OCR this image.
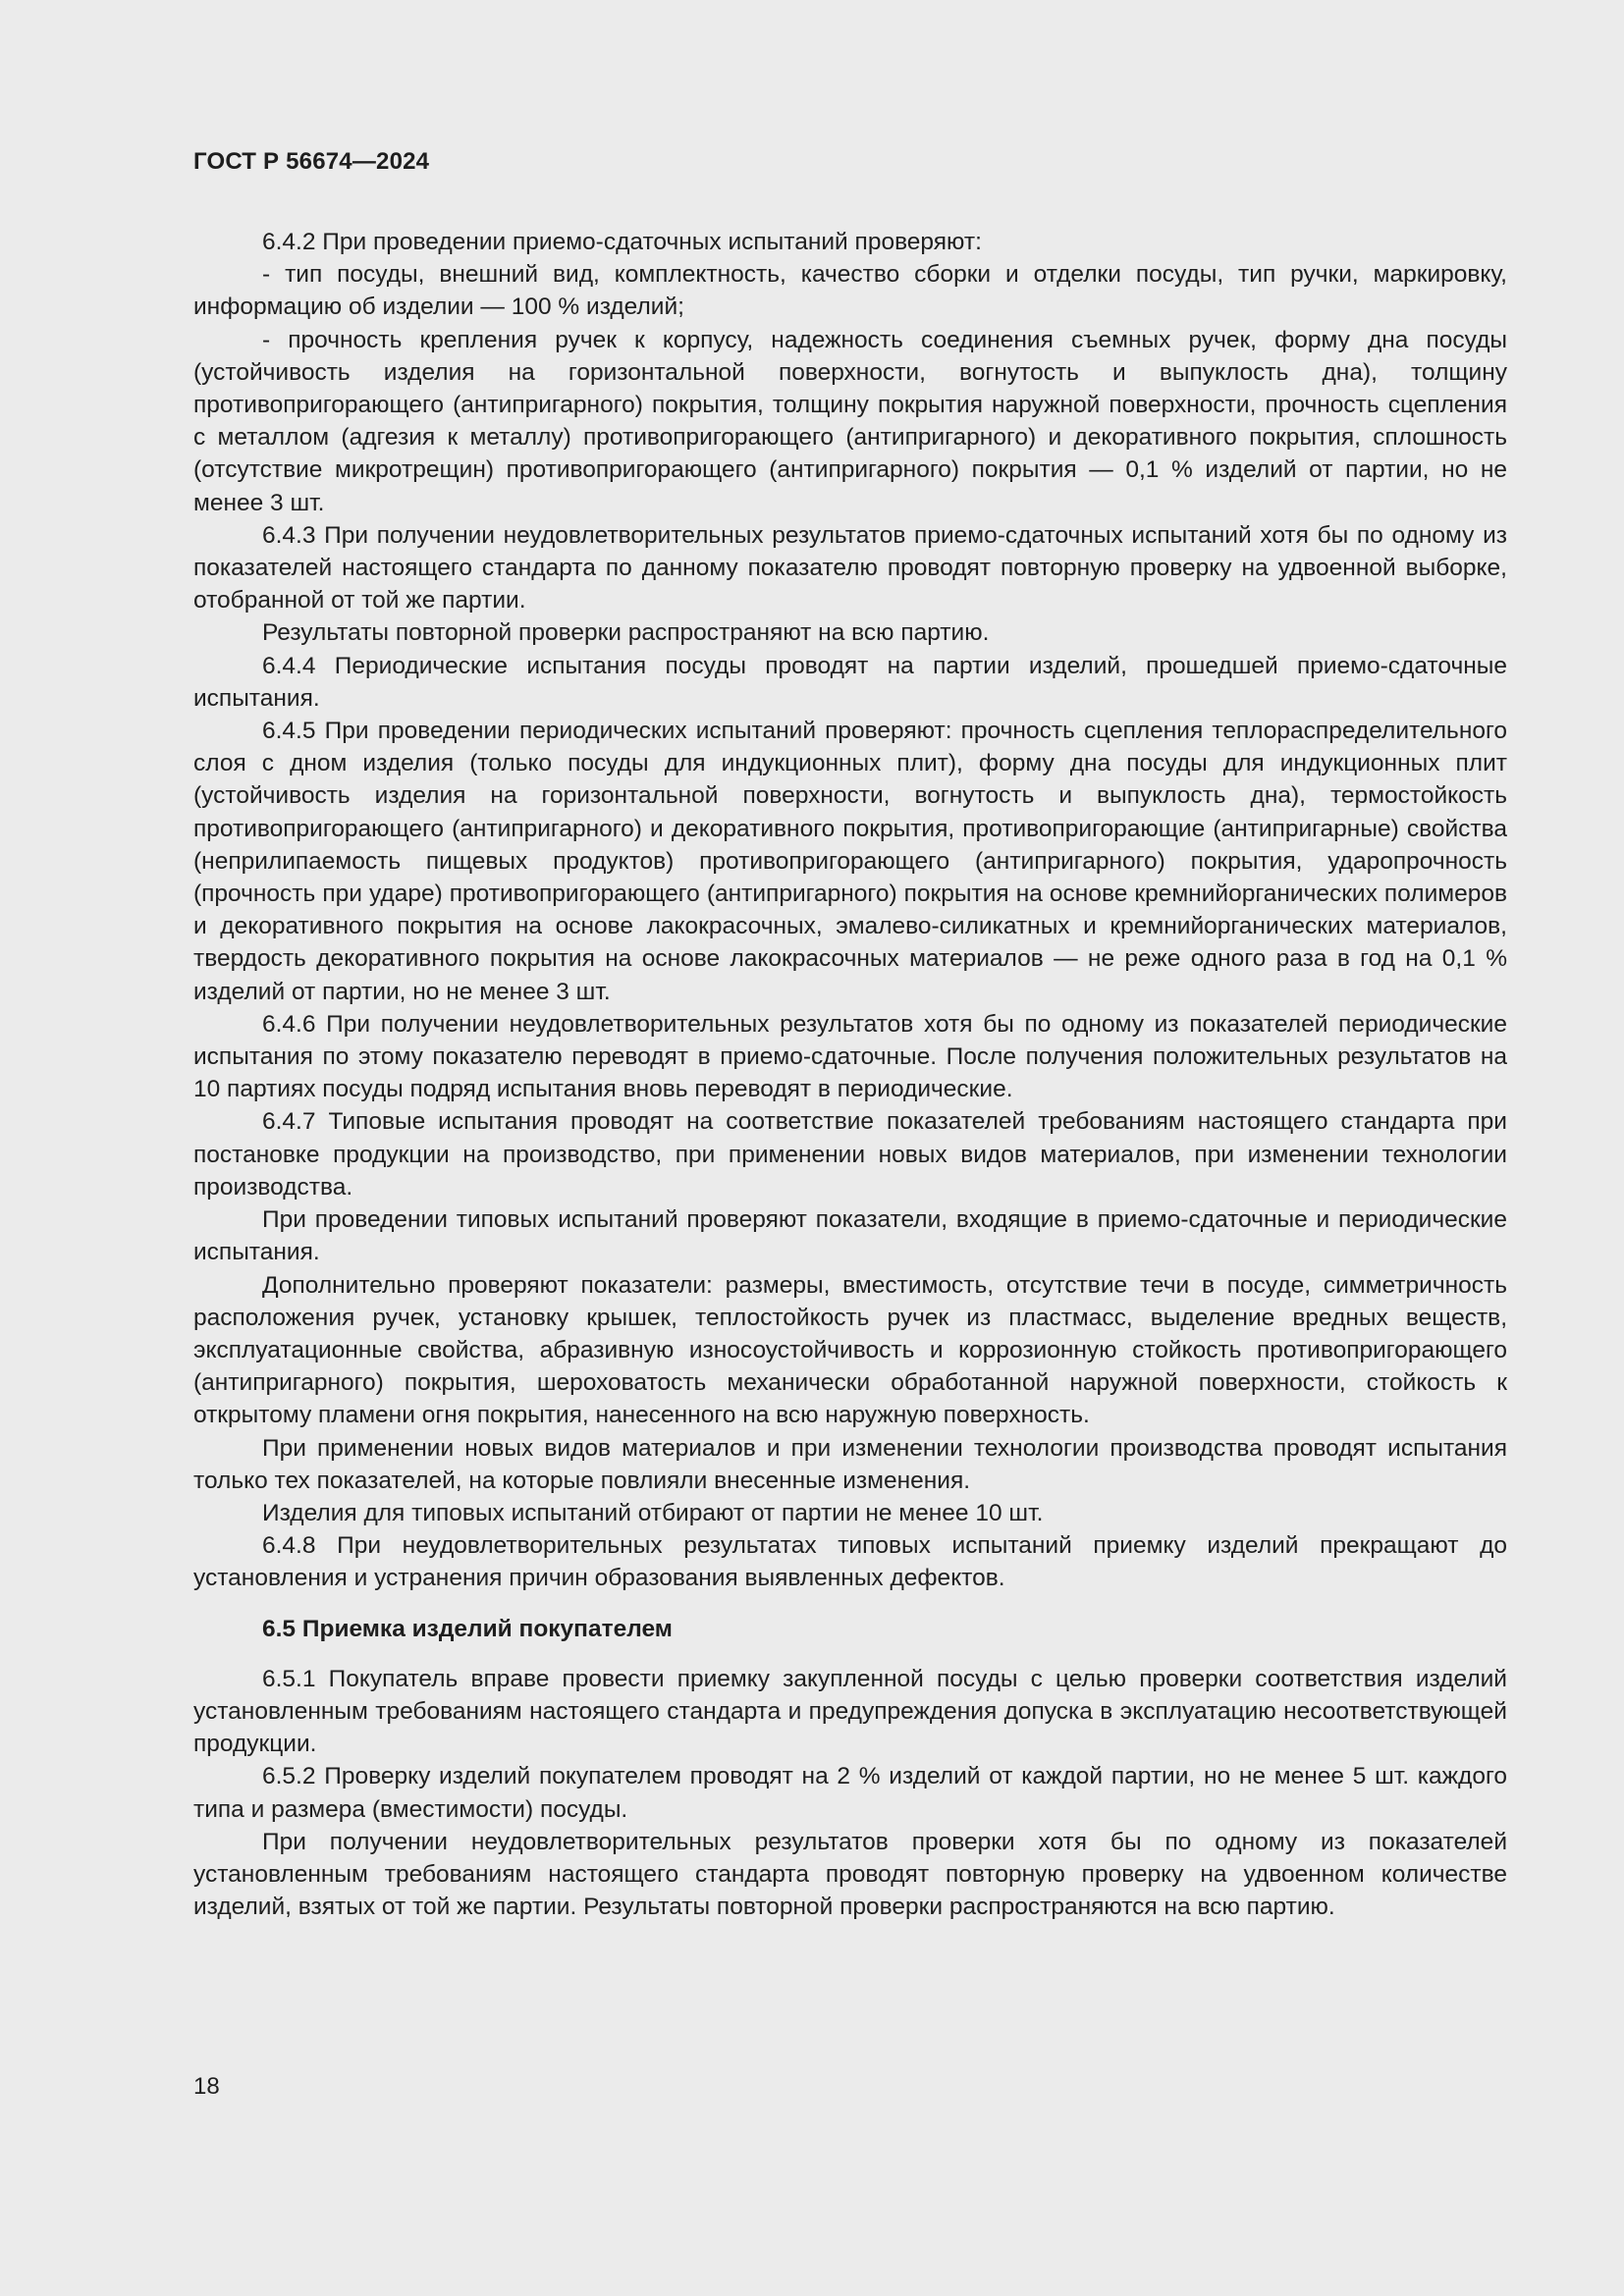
ГОСТ Р 56674—2024

6.4.2 При проведении приемо-сдаточных испытаний проверяют:

- тип посуды, внешний вид, комплектность, качество сборки и отделки посуды, тип ручки, маркировку, информацию об изделии — 100 % изделий;

- прочность крепления ручек к корпусу, надежность соединения съемных ручек, форму дна посуды (устойчивость изделия на горизонтальной поверхности, вогнутость и выпуклость дна), толщину противопригорающего (антипригарного) покрытия, толщину покрытия наружной поверхности, прочность сцепления с металлом (адгезия к металлу) противопригорающего (антипригарного) и декоративного покрытия, сплошность (отсутствие микротрещин) противопригорающего (антипригарного) покрытия — 0,1 % изделий от партии, но не менее 3 шт.

6.4.3 При получении неудовлетворительных результатов приемо-сдаточных испытаний хотя бы по одному из показателей настоящего стандарта по данному показателю проводят повторную проверку на удвоенной выборке, отобранной от той же партии.

Результаты повторной проверки распространяют на всю партию.

6.4.4 Периодические испытания посуды проводят на партии изделий, прошедшей приемо-сдаточные испытания.

6.4.5 При проведении периодических испытаний проверяют: прочность сцепления теплораспределительного слоя с дном изделия (только посуды для индукционных плит), форму дна посуды для индукционных плит (устойчивость изделия на горизонтальной поверхности, вогнутость и выпуклость дна), термостойкость противопригорающего (антипригарного) и декоративного покрытия, противопригорающие (антипригарные) свойства (неприлипаемость пищевых продуктов) противопригорающего (антипригарного) покрытия, ударопрочность (прочность при ударе) противопригорающего (антипригарного) покрытия на основе кремнийорганических полимеров и декоративного покрытия на основе лакокрасочных, эмалево-силикатных и кремнийорганических материалов, твердость декоративного покрытия на основе лакокрасочных материалов — не реже одного раза в год на 0,1 % изделий от партии, но не менее 3 шт.

6.4.6 При получении неудовлетворительных результатов хотя бы по одному из показателей периодические испытания по этому показателю переводят в приемо-сдаточные. После получения положительных результатов на 10 партиях посуды подряд испытания вновь переводят в периодические.

6.4.7 Типовые испытания проводят на соответствие показателей требованиям настоящего стандарта при постановке продукции на производство, при применении новых видов материалов, при изменении технологии производства.

При проведении типовых испытаний проверяют показатели, входящие в приемо-сдаточные и периодические испытания.

Дополнительно проверяют показатели: размеры, вместимость, отсутствие течи в посуде, симметричность расположения ручек, установку крышек, теплостойкость ручек из пластмасс, выделение вредных веществ, эксплуатационные свойства, абразивную износоустойчивость и коррозионную стойкость противопригорающего (антипригарного) покрытия, шероховатость механически обработанной наружной поверхности, стойкость к открытому пламени огня покрытия, нанесенного на всю наружную поверхность.

При применении новых видов материалов и при изменении технологии производства проводят испытания только тех показателей, на которые повлияли внесенные изменения.

Изделия для типовых испытаний отбирают от партии не менее 10 шт.

6.4.8 При неудовлетворительных результатах типовых испытаний приемку изделий прекращают до установления и устранения причин образования выявленных дефектов.

6.5 Приемка изделий покупателем

6.5.1 Покупатель вправе провести приемку закупленной посуды с целью проверки соответствия изделий установленным требованиям настоящего стандарта и предупреждения допуска в эксплуатацию несоответствующей продукции.

6.5.2 Проверку изделий покупателем проводят на 2 % изделий от каждой партии, но не менее 5 шт. каждого типа и размера (вместимости) посуды.

При получении неудовлетворительных результатов проверки хотя бы по одному из показателей установленным требованиям настоящего стандарта проводят повторную проверку на удвоенном количестве изделий, взятых от той же партии. Результаты повторной проверки распространяются на всю партию.

18
